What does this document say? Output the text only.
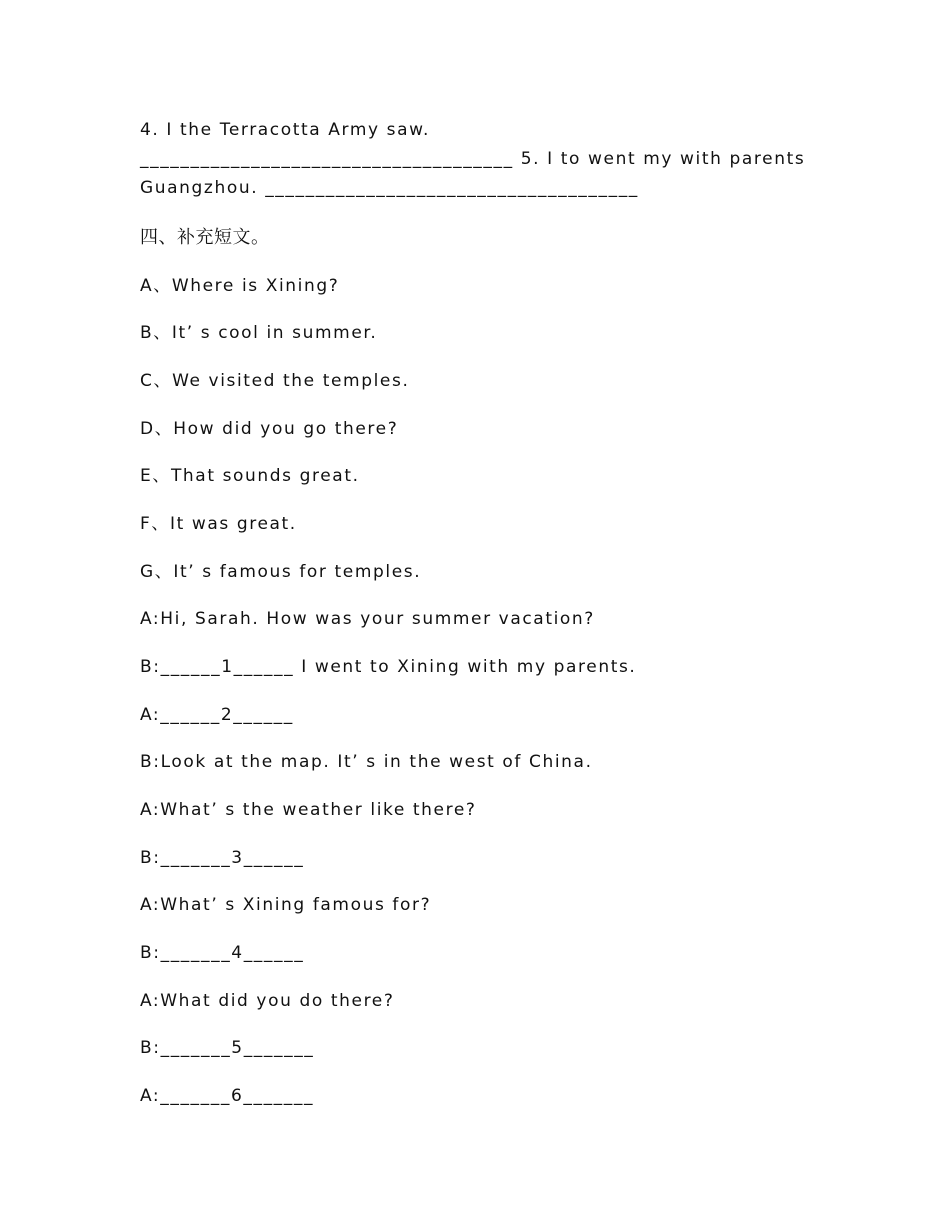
4. I the Terracotta Army saw.
_____________________________________ 5. I to went my with parents
Guangzhou. _____________________________________
四、补充短文。
A、Where is Xining?
B、It’ s cool in summer.
C、We visited the temples.
D、How did you go there?
E、That sounds great.
F、It was great.
G、It’ s famous for temples.
A:Hi, Sarah. How was your summer vacation?
B:______1______ I went to Xining with my parents.
A:______2______
B:Look at the map. It’ s in the west of China.
A:What’ s the weather like there?
B:_______3______
A:What’ s Xining famous for?
B:_______4______
A:What did you do there?
B:_______5_______
A:_______6_______
